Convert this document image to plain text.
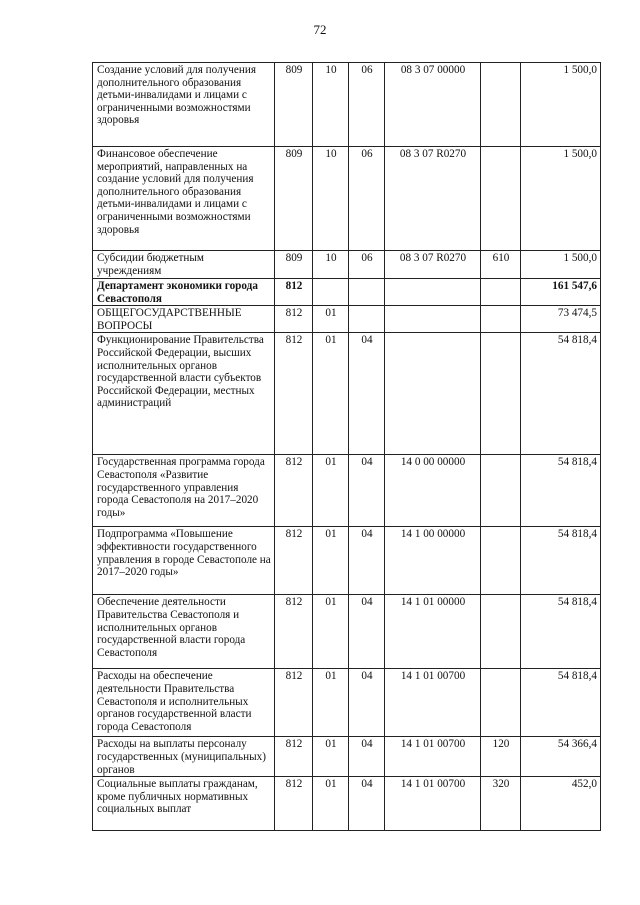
72
Создание условий для получения дополнительного образования детьми-инвалидами и лицами с ограниченными возможностями здоровья	809	10	06	08 3 07 00000		1 500,0
Финансовое обеспечение мероприятий, направленных на создание условий для получения дополнительного образования детьми-инвалидами и лицами с ограниченными возможностями здоровья	809	10	06	08 3 07 R0270		1 500,0
Субсидии бюджетным учреждениям	809	10	06	08 3 07 R0270	610	1 500,0
Департамент экономики города Севастополя	812					161 547,6
ОБЩЕГОСУДАРСТВЕННЫЕ ВОПРОСЫ	812	01				73 474,5
Функционирование Правительства Российской Федерации, высших исполнительных органов государственной власти субъектов Российской Федерации, местных администраций	812	01	04			54 818,4
Государственная программа города Севастополя «Развитие государственного управления города Севастополя на 2017–2020 годы»	812	01	04	14 0 00 00000		54 818,4
Подпрограмма «Повышение эффективности государственного управления в городе Севастополе на 2017–2020 годы»	812	01	04	14 1 00 00000		54 818,4
Обеспечение деятельности Правительства Севастополя и исполнительных органов государственной власти города Севастополя	812	01	04	14 1 01 00000		54 818,4
Расходы на обеспечение деятельности Правительства Севастополя и исполнительных органов государственной власти города Севастополя	812	01	04	14 1 01 00700		54 818,4
Расходы на выплаты персоналу государственных (муниципальных) органов	812	01	04	14 1 01 00700	120	54 366,4
Социальные выплаты гражданам, кроме публичных нормативных социальных выплат	812	01	04	14 1 01 00700	320	452,0
